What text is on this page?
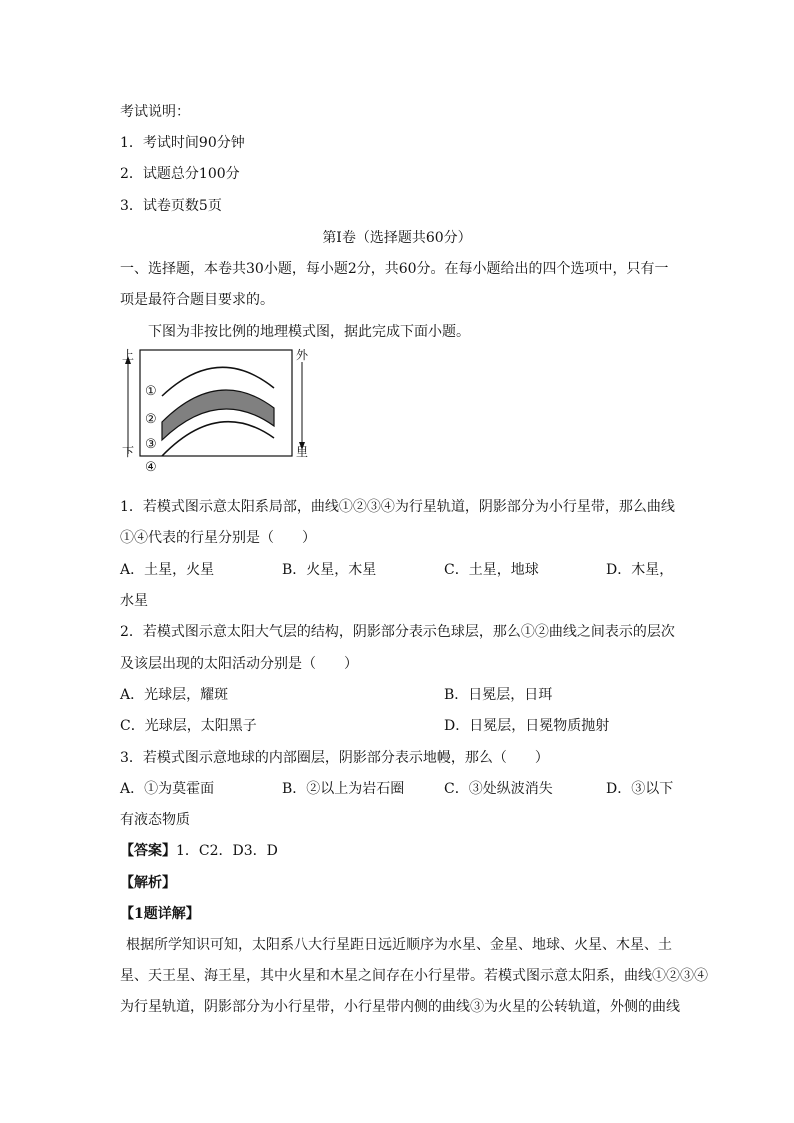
考试说明：
1．考试时间90分钟
2．试题总分100分
3．试卷页数5页
第Ⅰ卷（选择题共60分）
一、选择题，本卷共30小题，每小题2分，共60分。在每小题给出的四个选项中，只有一
项是最符合题目要求的。
下图为非按比例的地理模式图，据此完成下面小题。
上
下
外
里
①
②
③
④
1．若模式图示意太阳系局部，曲线①②③④为行星轨道，阴影部分为小行星带，那么曲线
①④代表的行星分别是（　　）
A．土星，火星	B．火星，木星	C．土星，地球	D．木星，
水星
2．若模式图示意太阳大气层的结构，阴影部分表示色球层，那么①②曲线之间表示的层次
及该层出现的太阳活动分别是（　　）
A．光球层，耀斑	B．日冕层，日珥
C．光球层，太阳黑子	D．日冕层，日冕物质抛射
3．若模式图示意地球的内部圈层，阴影部分表示地幔，那么（　　）
A．①为莫霍面	B．②以上为岩石圈	C．③处纵波消失	D．③以下
有液态物质
【答案】1．C2．D3．D
【解析】
【1题详解】
根据所学知识可知，太阳系八大行星距日远近顺序为水星、金星、地球、火星、木星、土
星、天王星、海王星，其中火星和木星之间存在小行星带。若模式图示意太阳系，曲线①②③④
为行星轨道，阴影部分为小行星带，小行星带内侧的曲线③为火星的公转轨道，外侧的曲线
